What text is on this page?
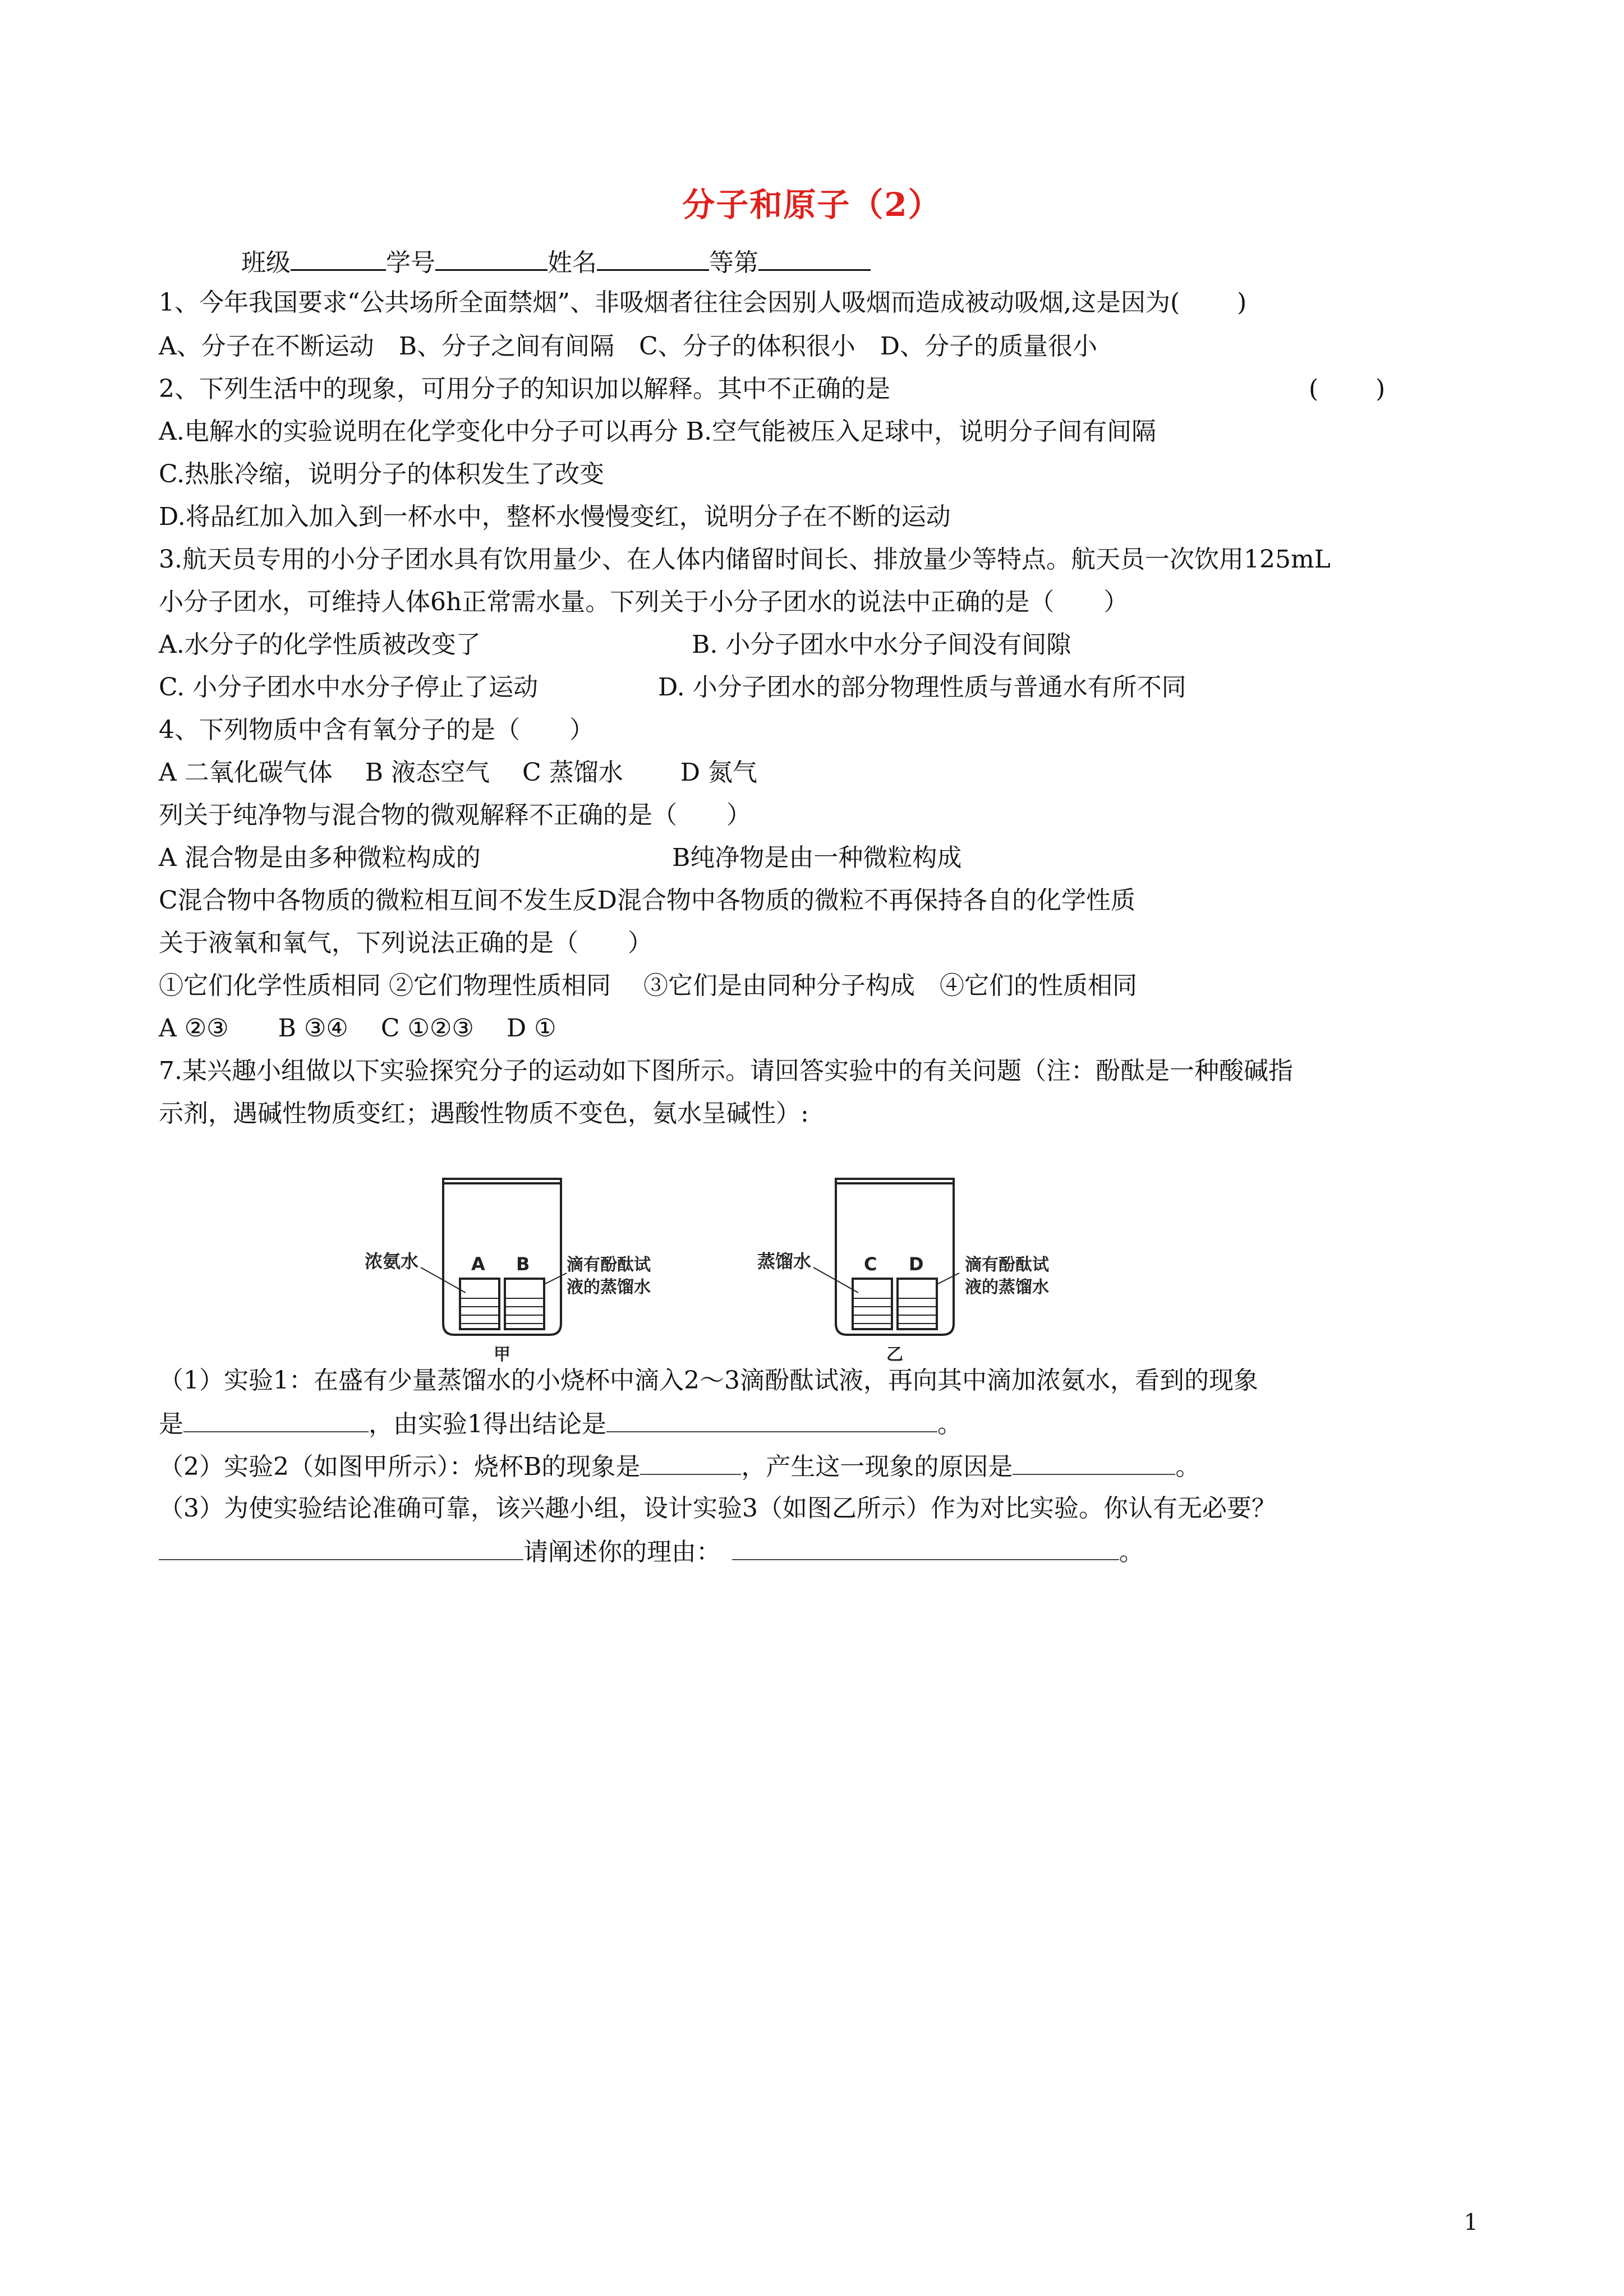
分子和原子（2）
班级	学号	姓名	等第
1、今年我国要求“公共场所全面禁烟”、非吸烟者往往会因别人吸烟而造成被动吸烟,这是因为(　　 )
A、分子在不断运动　B、分子之间有间隔　C、分子的体积很小　D、分子的质量很小
2、下列生活中的现象，可用分子的知识加以解释。其中不正确的是	(　　 )
A.电解水的实验说明在化学变化中分子可以再分 B.空气能被压入足球中，说明分子间有间隔
C.热胀冷缩，说明分子的体积发生了改变
D.将品红加入加入到一杯水中，整杯水慢慢变红，说明分子在不断的运动
3.航天员专用的小分子团水具有饮用量少、在人体内储留时间长、排放量少等特点。航天员一次饮用125mL
小分子团水，可维持人体6h正常需水量。下列关于小分子团水的说法中正确的是（　　）
A.水分子的化学性质被改变了	B. 小分子团水中水分子间没有间隙
C. 小分子团水中水分子停止了运动	D. 小分子团水的部分物理性质与普通水有所不同
4、下列物质中含有氧分子的是（　　）
A 二氧化碳气体 　B 液态空气　 C 蒸馏水　 　D 氮气
列关于纯净物与混合物的微观解释不正确的是（　　）
A 混合物是由多种微粒构成的	B纯净物是由一种微粒构成
C混合物中各物质的微粒相互间不发生反D混合物中各物质的微粒不再保持各自的化学性质
关于液氧和氧气，下列说法正确的是（　　）
①它们化学性质相同 ②它们物理性质相同　 ③它们是由同种分子构成　④它们的性质相同
A ②③　　B ③④　 C ①②③　 D ①
7.某兴趣小组做以下实验探究分子的运动如下图所示。请回答实验中的有关问题（注：酚酞是一种酸碱指
示剂，遇碱性物质变红；遇酸性物质不变色，氨水呈碱性）:
浓氨水	A B 滴有酚酞试
液的蒸馏水
甲
蒸馏水	C D 滴有酚酞试
液的蒸馏水
乙
（1）实验1：在盛有少量蒸馏水的小烧杯中滴入2～3滴酚酞试液，再向其中滴加浓氨水，看到的现象
是	，由实验1得出结论是	。
（2）实验2（如图甲所示）：烧杯B的现象是	，产生这一现象的原因是	。
（3）为使实验结论准确可靠，该兴趣小组，设计实验3（如图乙所示）作为对比实验。你认有无必要？
请阐述你的理由：	。
1
